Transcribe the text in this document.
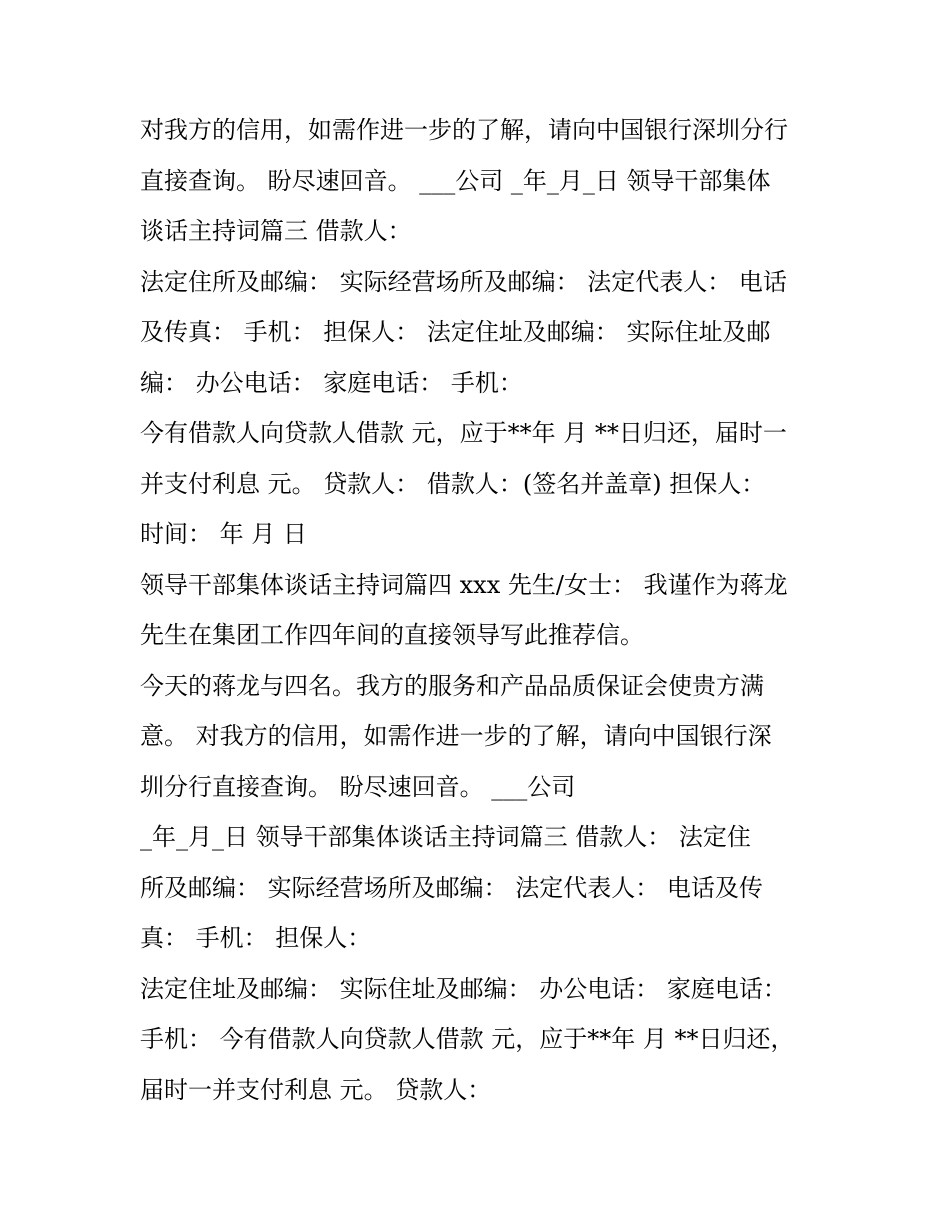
对我方的信用，如需作进一步的了解，请向中国银行深圳分行

直接查询。 盼尽速回音。 ___公司 _年_月_日 领导干部集体

谈话主持词篇三 借款人：

法定住所及邮编： 实际经营场所及邮编： 法定代表人： 电话

及传真： 手机： 担保人： 法定住址及邮编： 实际住址及邮

编： 办公电话： 家庭电话： 手机：

今有借款人向贷款人借款 元，应于**年 月 **日归还，届时一

并支付利息 元。 贷款人： 借款人：(签名并盖章) 担保人：

时间： 年 月 日

领导干部集体谈话主持词篇四 xxx 先生/女士： 我谨作为蒋龙

先生在集团工作四年间的直接领导写此推荐信。

今天的蒋龙与四名。我方的服务和产品品质保证会使贵方满

意。 对我方的信用，如需作进一步的了解，请向中国银行深

圳分行直接查询。 盼尽速回音。 ___公司

_年_月_日 领导干部集体谈话主持词篇三 借款人： 法定住

所及邮编： 实际经营场所及邮编： 法定代表人： 电话及传

真： 手机： 担保人：

法定住址及邮编： 实际住址及邮编： 办公电话： 家庭电话：

手机： 今有借款人向贷款人借款 元，应于**年 月 **日归还，

届时一并支付利息 元。 贷款人：
